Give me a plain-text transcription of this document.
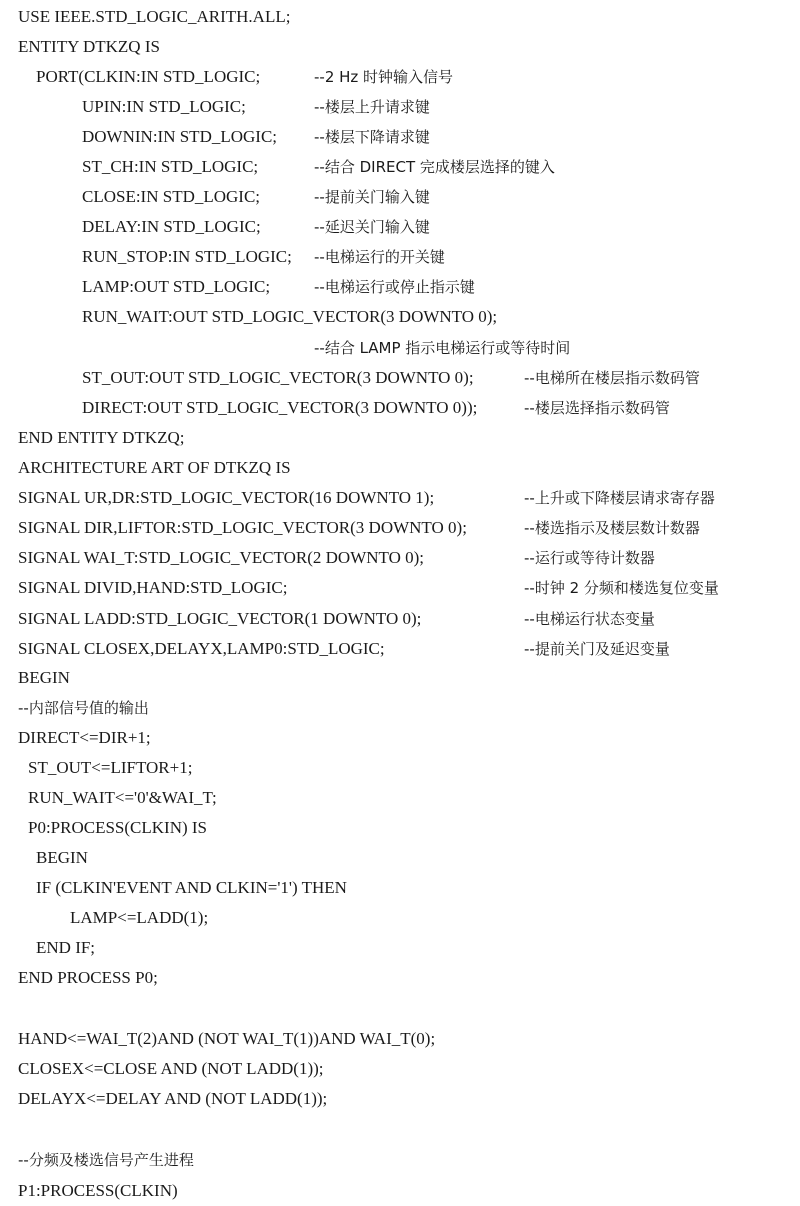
USE IEEE.STD_LOGIC_ARITH.ALL;
ENTITY DTKZQ IS
PORT(CLKIN:IN STD_LOGIC;	--2 Hz 时钟输入信号
UPIN:IN STD_LOGIC;	--楼层上升请求键
DOWNIN:IN STD_LOGIC; --楼层下降请求键
ST_CH:IN STD_LOGIC;	--结合 DIRECT 完成楼层选择的键入
CLOSE:IN STD_LOGIC;	--提前关门输入键
DELAY:IN STD_LOGIC;	--延迟关门输入键
RUN_STOP:IN STD_LOGIC; --电梯运行的开关键
LAMP:OUT STD_LOGIC;	--电梯运行或停止指示键
RUN_WAIT:OUT STD_LOGIC_VECTOR(3 DOWNTO 0);
--结合 LAMP 指示电梯运行或等待时间
ST_OUT:OUT STD_LOGIC_VECTOR(3 DOWNTO 0);	--电梯所在楼层指示数码管
DIRECT:OUT STD_LOGIC_VECTOR(3 DOWNTO 0));	--楼层选择指示数码管
END ENTITY DTKZQ;
ARCHITECTURE ART OF DTKZQ IS
SIGNAL UR,DR:STD_LOGIC_VECTOR(16 DOWNTO 1);	--上升或下降楼层请求寄存器
SIGNAL DIR,LIFTOR:STD_LOGIC_VECTOR(3 DOWNTO 0);	--楼选指示及楼层数计数器
SIGNAL WAI_T:STD_LOGIC_VECTOR(2 DOWNTO 0);	--运行或等待计数器
SIGNAL DIVID,HAND:STD_LOGIC;	--时钟 2 分频和楼选复位变量
SIGNAL LADD:STD_LOGIC_VECTOR(1 DOWNTO 0);	--电梯运行状态变量
SIGNAL CLOSEX,DELAYX,LAMP0:STD_LOGIC;	--提前关门及延迟变量
BEGIN
--内部信号值的输出
DIRECT<=DIR+1;
ST_OUT<=LIFTOR+1;
RUN_WAIT<='0'&WAI_T;
P0:PROCESS(CLKIN) IS
BEGIN
IF (CLKIN'EVENT AND CLKIN='1') THEN
LAMP<=LADD(1);
END IF;
END PROCESS P0;
HAND<=WAI_T(2)AND (NOT WAI_T(1))AND WAI_T(0);
CLOSEX<=CLOSE AND (NOT LADD(1));
DELAYX<=DELAY AND (NOT LADD(1));
--分频及楼选信号产生进程
P1:PROCESS(CLKIN)
